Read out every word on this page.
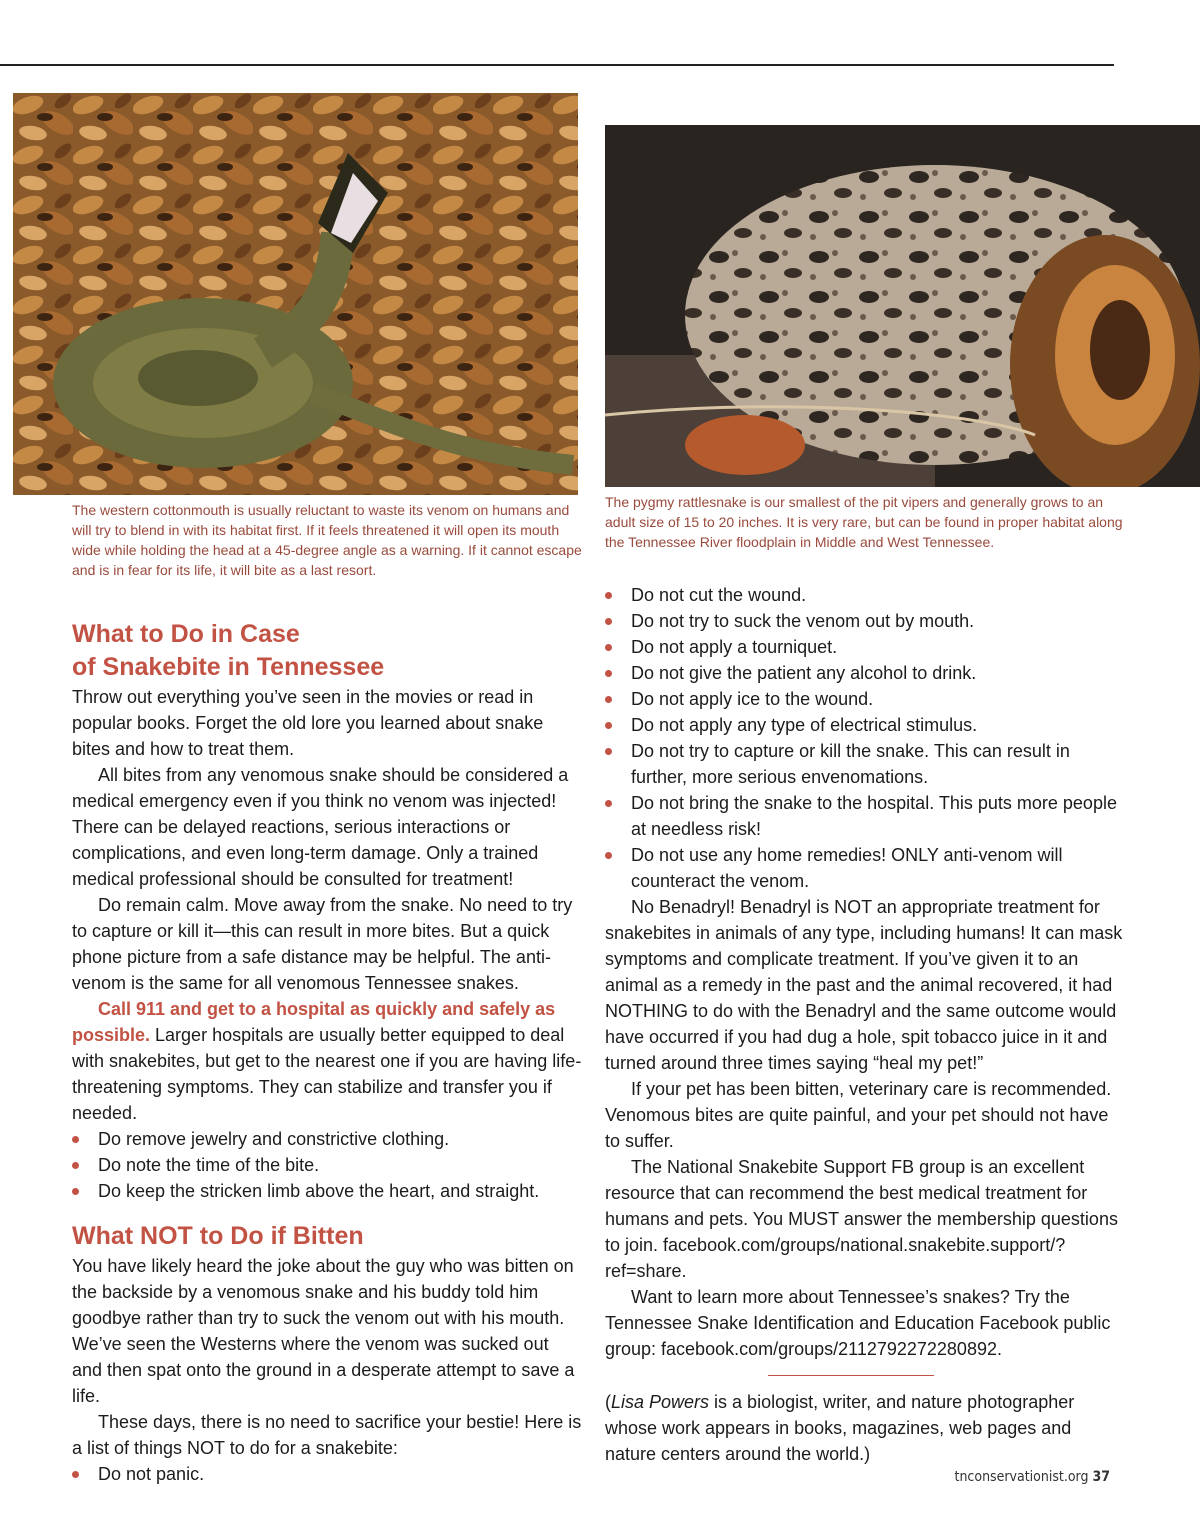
The western cottonmouth is usually reluctant to waste its venom on humans and will try to blend in with its habitat first. If it feels threatened it will open its mouth wide while holding the head at a 45-degree angle as a warning. If it cannot escape and is in fear for its life, it will bite as a last resort.
The pygmy rattlesnake is our smallest of the pit vipers and generally grows to an adult size of 15 to 20 inches. It is very rare, but can be found in proper habitat along the Tennessee River floodplain in Middle and West Tennessee.
What to Do in Case
of Snakebite in Tennessee

Throw out everything you’ve seen in the movies or read in popular books. Forget the old lore you learned about snake bites and how to treat them.

All bites from any venomous snake should be considered a medical emergency even if you think no venom was injected! There can be delayed reactions, serious interactions or complications, and even long-term damage. Only a trained medical professional should be consulted for treatment!

Do remain calm. Move away from the snake. No need to try to capture or kill it—this can result in more bites. But a quick phone picture from a safe distance may be helpful. The anti-venom is the same for all venomous Tennessee snakes.

Call 911 and get to a hospital as quickly and safely as possible. Larger hospitals are usually better equipped to deal with snakebites, but get to the nearest one if you are having life-threatening symptoms. They can stabilize and transfer you if needed.

Do remove jewelry and constrictive clothing.
Do note the time of the bite.
Do keep the stricken limb above the heart, and straight.
What NOT to Do if Bitten

You have likely heard the joke about the guy who was bitten on the backside by a venomous snake and his buddy told him goodbye rather than try to suck the venom out with his mouth. We’ve seen the Westerns where the venom was sucked out and then spat onto the ground in a desperate attempt to save a life.

These days, there is no need to sacrifice your bestie! Here is a list of things NOT to do for a snakebite:

Do not panic.
Do not cut the wound.
Do not try to suck the venom out by mouth.
Do not apply a tourniquet.
Do not give the patient any alcohol to drink.
Do not apply ice to the wound.
Do not apply any type of electrical stimulus.
Do not try to capture or kill the snake. This can result in further, more serious envenomations.
Do not bring the snake to the hospital. This puts more people at needless risk!
Do not use any home remedies! ONLY anti-venom will counteract the venom.

No Benadryl! Benadryl is NOT an appropriate treatment for snakebites in animals of any type, including humans! It can mask symptoms and complicate treatment. If you’ve given it to an animal as a remedy in the past and the animal recovered, it had NOTHING to do with the Benadryl and the same outcome would have occurred if you had dug a hole, spit tobacco juice in it and turned around three times saying “heal my pet!”

If your pet has been bitten, veterinary care is recommended. Venomous bites are quite painful, and your pet should not have to suffer.

The National Snakebite Support FB group is an excellent resource that can recommend the best medical treatment for humans and pets. You MUST answer the membership questions to join. facebook.com/groups/national.snakebite.support/?ref=share.

Want to learn more about Tennessee’s snakes? Try the Tennessee Snake Identification and Education Facebook public group: facebook.com/groups/2112792272280892.

(Lisa Powers is a biologist, writer, and nature photographer whose work appears in books, magazines, web pages and nature centers around the world.)

tnconservationist.org 37
